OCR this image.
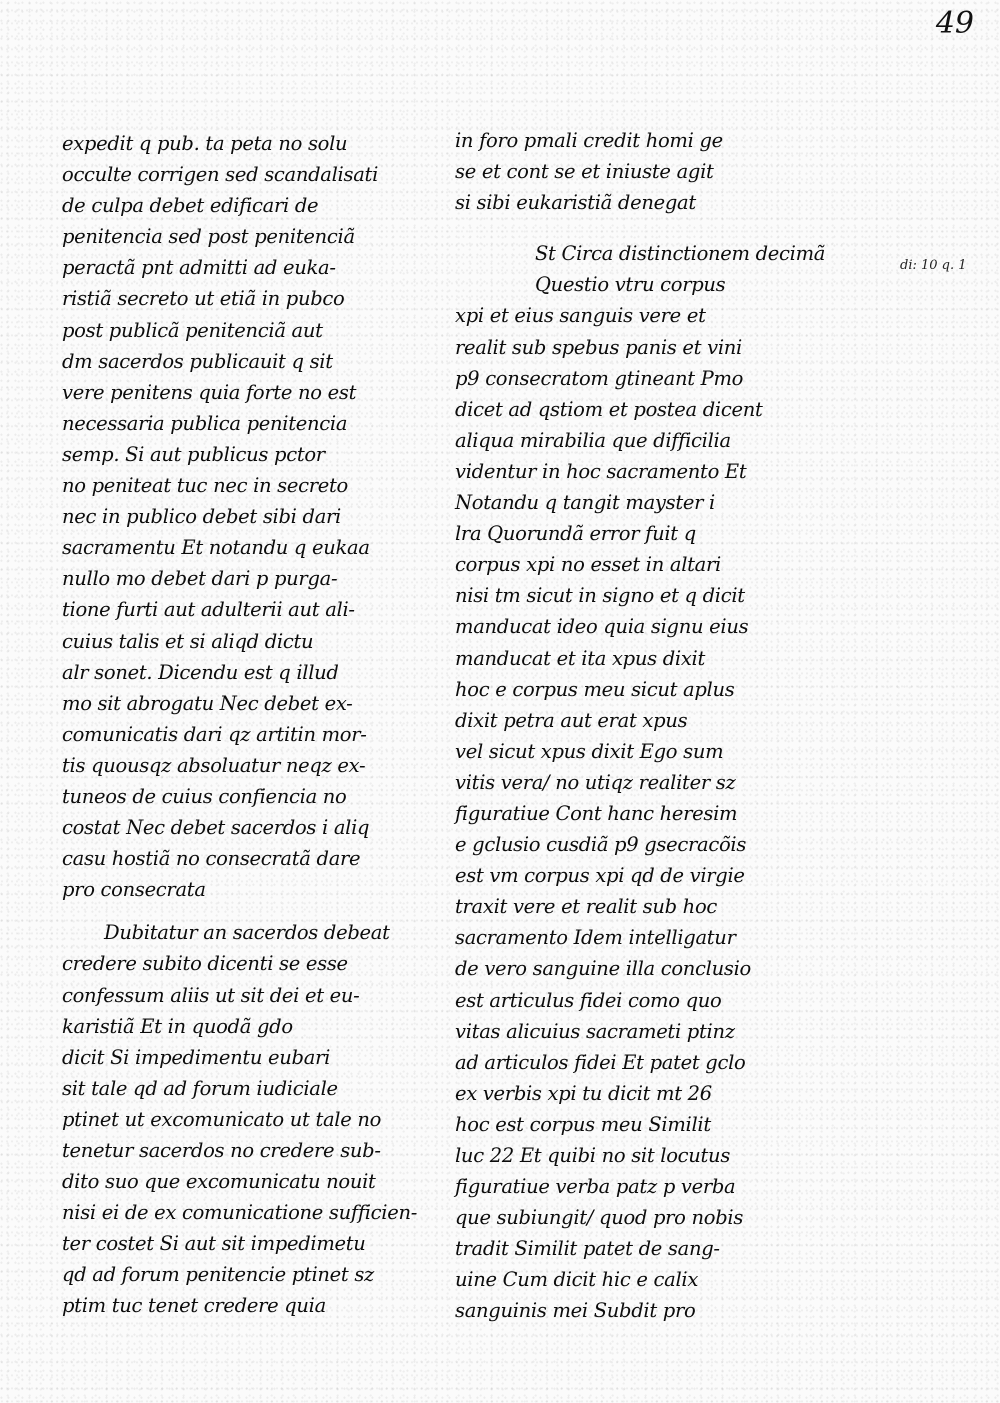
49
di: 10 q. 1
expedit q pub. ta peta no solu
occulte corrigen sed scandalisati
de culpa debet edificari de
penitencia sed post penitenciã
peractã pnt admitti ad euka-
ristiã secreto ut etiã in pubco
post publicã penitenciã aut
dm sacerdos publicauit q sit
vere penitens quia forte no est
necessaria publica penitencia
semp. Si aut publicus pctor
no peniteat tuc nec in secreto
nec in publico debet sibi dari
sacramentu Et notandu q eukaa
nullo mo debet dari p purga-
tione furti aut adulterii aut ali-
cuius talis et si aliqd dictu
alr sonet. Dicendu est q illud
mo sit abrogatu Nec debet ex-
comunicatis dari qz artitin mor-
tis quousqz absoluatur neqz ex-
tuneos de cuius confiencia no
costat Nec debet sacerdos i aliq
casu hostiã no consecratã dare
pro consecrata
Dubitatur an sacerdos debeat
credere subito dicenti se esse
confessum aliis ut sit dei et eu-
karistiã Et in quodã gdo
dicit Si impedimentu eubari
sit tale qd ad forum iudiciale
ptinet ut excomunicato ut tale no
tenetur sacerdos no credere sub-
dito suo que excomunicatu nouit
nisi ei de ex comunicatione sufficien-
ter costet Si aut sit impedimetu
qd ad forum penitencie ptinet sz
ptim tuc tenet credere quia
in foro pmali credit homi ge
se et cont se et iniuste agit
si sibi eukaristiã denegat
St Circa distinctionem decimã
Questio vtru corpus
xpi et eius sanguis vere et
realit sub spebus panis et vini
p9 consecratom gtineant Pmo
dicet ad qstiom et postea dicent
aliqua mirabilia que difficilia
videntur in hoc sacramento Et
Notandu q tangit mayster i
lra Quorundã error fuit q
corpus xpi no esset in altari
nisi tm sicut in signo et q dicit
manducat ideo quia signu eius
manducat et ita xpus dixit
hoc e corpus meu sicut aplus
dixit petra aut erat xpus
vel sicut xpus dixit Ego sum
vitis vera/ no utiqz realiter sz
figuratiue Cont hanc heresim
e gclusio cusdiã p9 gsecracõis
est vm corpus xpi qd de virgie
traxit vere et realit sub hoc
sacramento Idem intelligatur
de vero sanguine illa conclusio
est articulus fidei como quo
vitas alicuius sacrameti ptinz
ad articulos fidei Et patet gclo
ex verbis xpi tu dicit mt 26
hoc est corpus meu Similit
luc 22 Et quibi no sit locutus
figuratiue verba patz p verba
que subiungit/ quod pro nobis
tradit Similit patet de sang-
uine Cum dicit hic e calix
sanguinis mei Subdit pro
